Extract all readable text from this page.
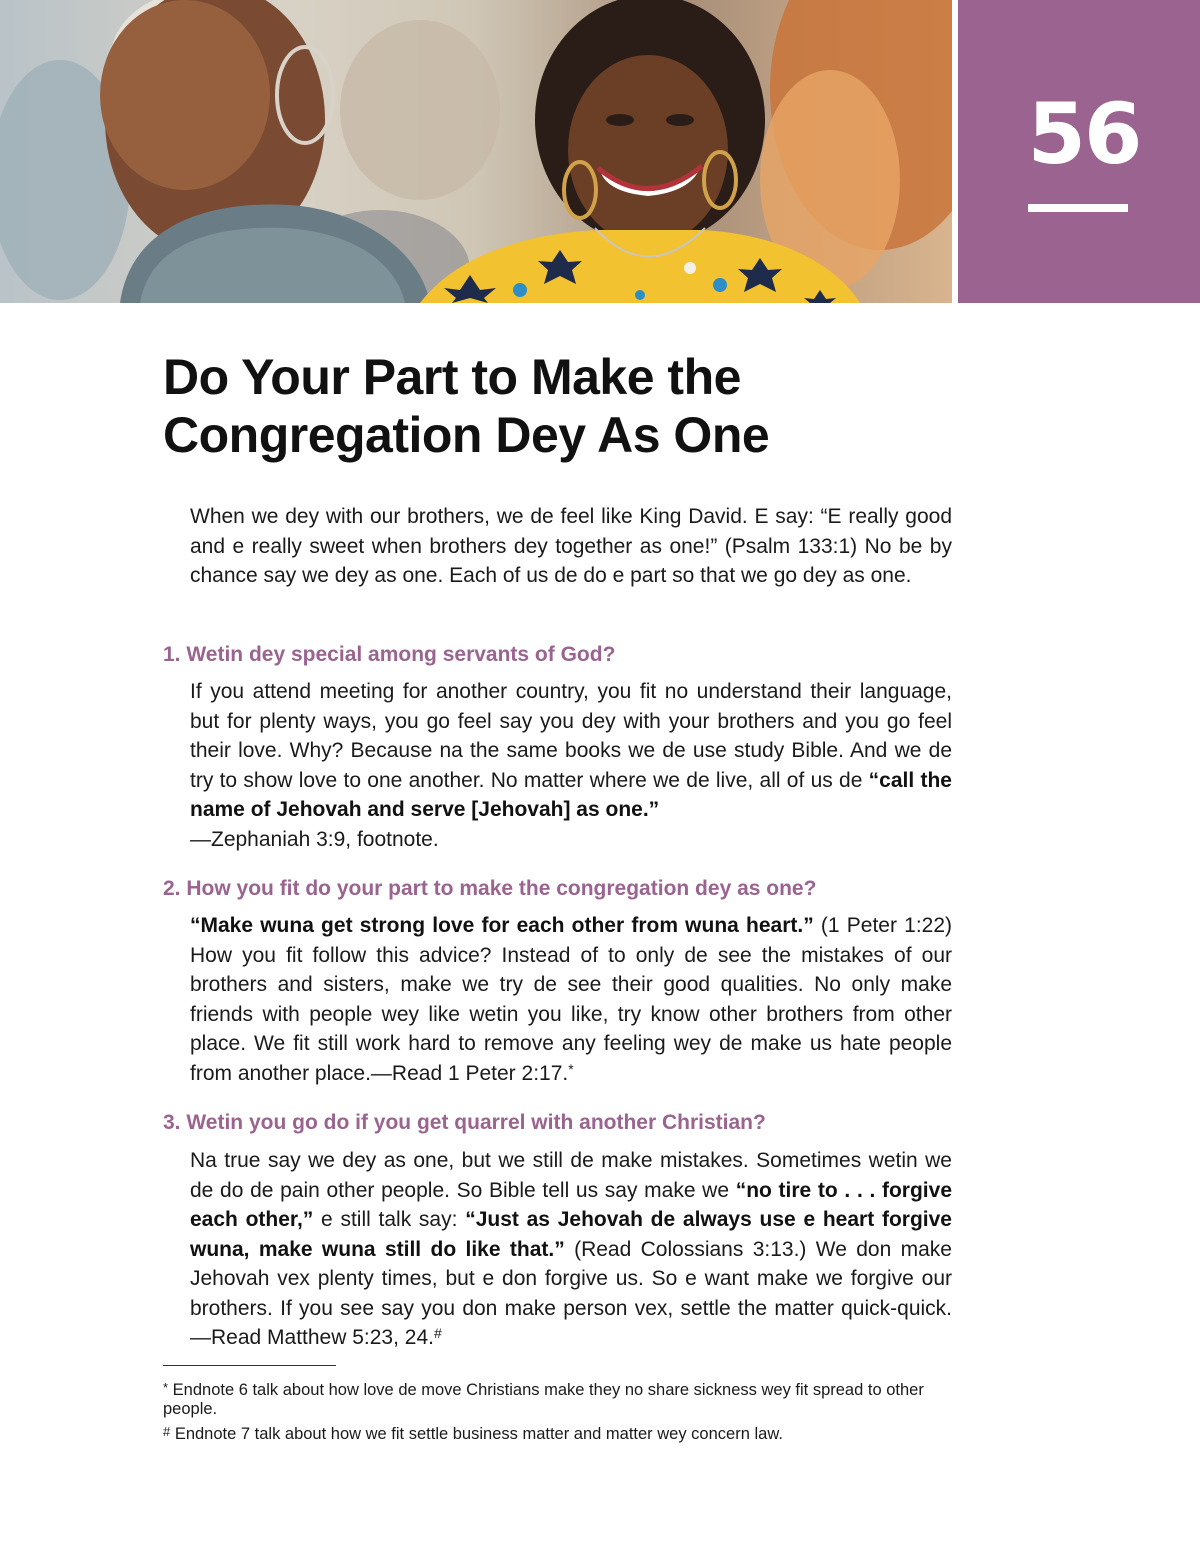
56
Do Your Part to Make the
Congregation Dey As One

When we dey with our brothers, we de feel like King David. E say: “E really good and e really sweet when brothers dey together as one!” (Psalm 133:1) No be by chance say we dey as one. Each of us de do e part so that we go dey as one.

1. Wetin dey special among servants of God?

If you attend meeting for another country, you fit no understand their language, but for plenty ways, you go feel say you dey with your brothers and you go feel their love. Why? Because na the same books we de use study Bible. And we de try to show love to one another. No matter where we de live, all of us de “call the name of Jehovah and serve [Jehovah] as one.”
—Zephaniah 3:9, footnote.

2. How you fit do your part to make the congregation dey as one?

“Make wuna get strong love for each other from wuna heart.” (1 Peter 1:22) How you fit follow this advice? Instead of to only de see the mistakes of our brothers and sisters, make we try de see their good qualities. No only make friends with people wey like wetin you like, try know other brothers from other place. We fit still work hard to remove any feeling wey de make us hate people from another place.—Read 1 Peter 2:17.*

3. Wetin you go do if you get quarrel with another Christian?

Na true say we dey as one, but we still de make mistakes. Sometimes wetin we de do de pain other people. So Bible tell us say make we “no tire to . . . forgive each other,” e still talk say: “Just as Jehovah de always use e heart forgive wuna, make wuna still do like that.” (Read Colossians 3:13.) We don make Jehovah vex plenty times, but e don forgive us. So e want make we forgive our brothers. If you see say you don make person vex, settle the matter quick-quick.—Read Matthew 5:23, 24.#

* Endnote 6 talk about how love de move Christians make they no share sickness wey fit spread to other people.

# Endnote 7 talk about how we fit settle business matter and matter wey concern law.
